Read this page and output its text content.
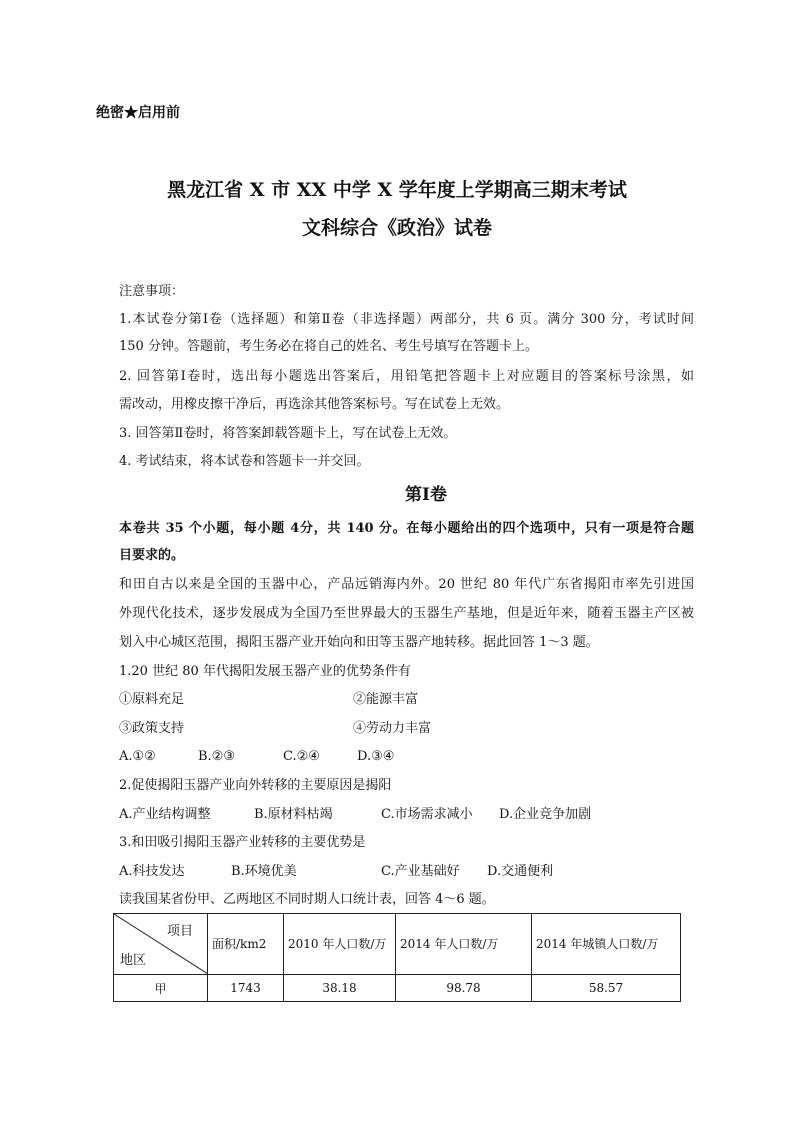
绝密★启用前
黑龙江省 X 市 XX 中学 X 学年度上学期高三期末考试
文科综合《政治》试卷
注意事项：
1.本试卷分第Ⅰ卷（选择题）和第Ⅱ卷（非选择题）两部分，共 6 页。满分 300 分，考试时间
150 分钟。答题前，考生务必在将自己的姓名、考生号填写在答题卡上。
2. 回答第Ⅰ卷时，选出每小题选出答案后，用铅笔把答题卡上对应题目的答案标号涂黑，如
需改动，用橡皮擦干净后，再选涂其他答案标号。写在试卷上无效。
3. 回答第Ⅱ卷时，将答案卸载答题卡上，写在试卷上无效。
4. 考试结束，将本试卷和答题卡一并交回。
第Ⅰ卷
本卷共 35 个小题，每小题 4分，共 140 分。在每小题给出的四个选项中，只有一项是符合题
目要求的。
和田自古以来是全国的玉器中心，产品远销海内外。20 世纪 80 年代广东省揭阳市率先引进国
外现代化技术，逐步发展成为全国乃至世界最大的玉器生产基地，但是近年来，随着玉器主产区被
划入中心城区范围，揭阳玉器产业开始向和田等玉器产地转移。据此回答 1～3 题。
1.20 世纪 80 年代揭阳发展玉器产业的优势条件有
①原料充足	②能源丰富
③政策支持	④劳动力丰富
A.①②	B.②③	C.②④	D.③④
2.促使揭阳玉器产业向外转移的主要原因是揭阳
A.产业结构调整	B.原材料枯竭	C.市场需求减小 D.企业竞争加剧
3.和田吸引揭阳玉器产业转移的主要优势是
A.科技发达	B.环境优美	C.产业基础好 D.交通便利
读我国某省份甲、乙两地区不同时期人口统计表，回答 4～6 题。
项目
地区	面积/km2	2010 年人口数/万	2014 年人口数/万	2014 年城镇人口数/万
甲	1743	38.18	98.78	58.57
